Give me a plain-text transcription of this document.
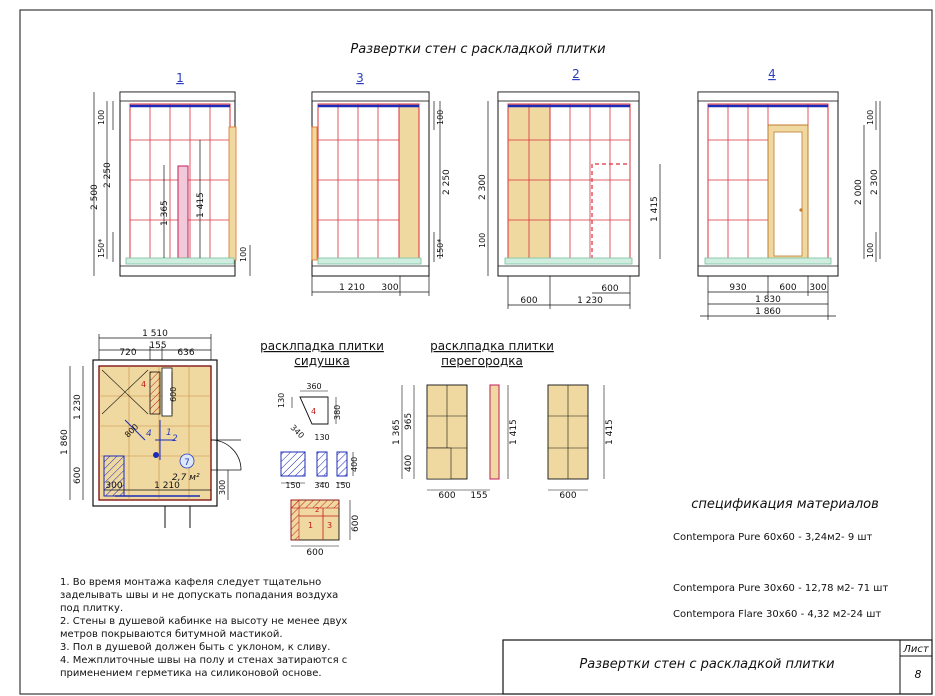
Развертки стен с раскладкой плитки
1
2 500
2 250
100
150*
1 365	1 415
100
3
100
2 250
150*
1 210 300
2
2 300
100
1 415
600
1 230
600
4
100
2 000 2 300
100
930	600 300
1 830
1 860
7
2,7 м²
4
1
2
4
1 510
720
155
636
1 860
1 230
600
600
800
300	1 210	300
расклпадка плитки
сидушка
4
360
130
380
340 130
150
400
340 150
2
1 3
600
600
расклпадка плитки
перегородка
1 365 965
400
600 155
1 415	1 415
600
спецификация материалов
Contempora Pure 60x60 - 3,24м2- 9 шт
Contempora Pure 30x60 - 12,78 м2- 71 шт
Contempora Flare 30x60 - 4,32 м2-24 шт
1. Во время монтажа кафеля следует тщательно
заделывать швы и не допускать попадания воздуха
под плитку.
2. Стены в душевой кабинке на высоту не менее двух
метров покрываются битумной мастикой.
3. Пол в душевой должен быть с уклоном, к сливу.
4. Межплиточные швы на полу и стенах затираются с
применением герметика на силиконовой основе.
Развертки стен с раскладкой плитки
Лист
8
